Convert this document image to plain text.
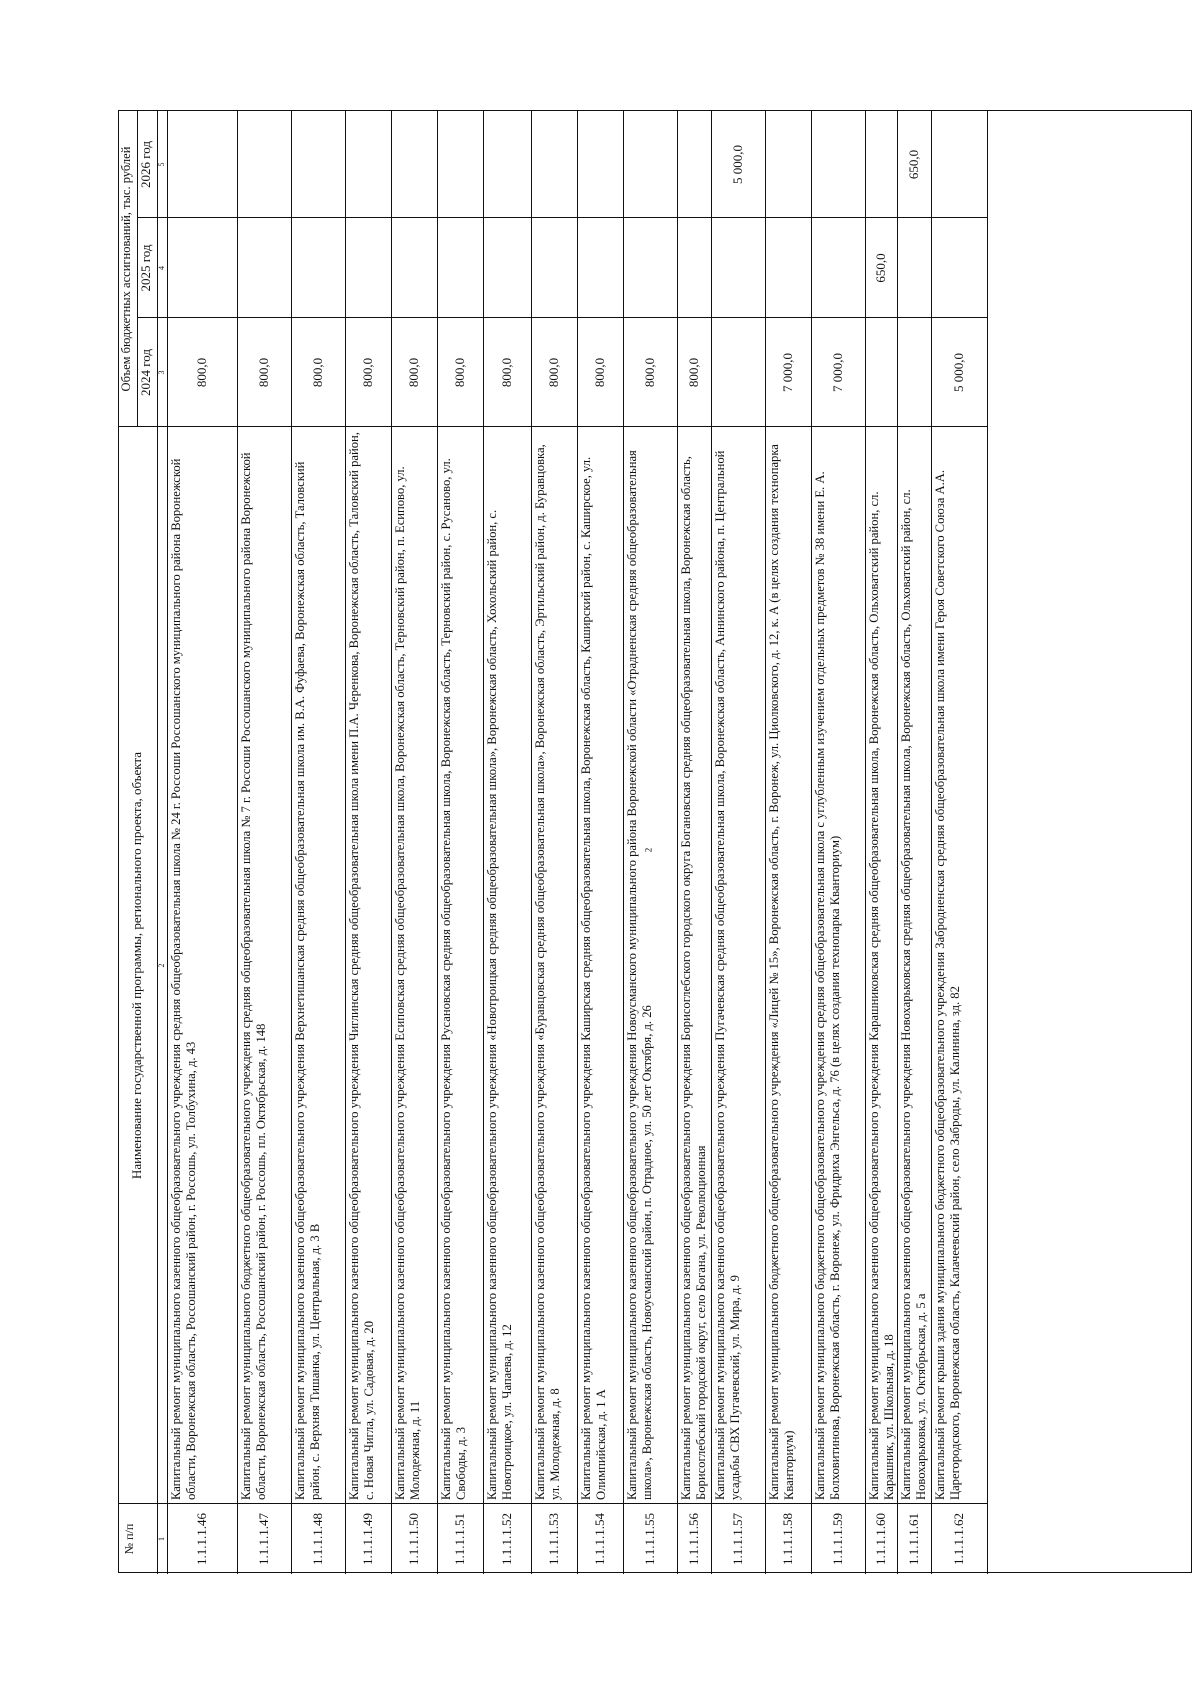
2
№ п/п
Наименование государственной программы, регионального проекта, объекта
Объем бюджетных ассигнований, тыс. рублей 2024 год
2025 год
2026 год
1
2
3
4
5
1.1.1.1.46
Капитальный ремонт муниципального казенного общеобразовательного учреждения средняя общеобразовательная школа № 24 г. Россоши Россошанского муниципального района Воронежской области, Воронежская область, Россошанский район, г. Россошь, ул. Толбухина, д. 43
800,0
1.1.1.1.47
Капитальный ремонт муниципального бюджетного общеобразовательного учреждения средняя общеобразовательная школа № 7 г. Россоши Россошанского муниципального района Воронежской области, Воронежская область, Россошанский район, г. Россошь, пл. Октябрьская, д. 148
800,0
1.1.1.1.48
Капитальный ремонт муниципального казенного общеобразовательного учреждения Верхнетишанская средняя общеобразовательная школа им. В.А. Фуфаева, Воронежская область, Таловский район, с. Верхняя Тишанка, ул. Центральная, д. 3 В
800,0
1.1.1.1.49
Капитальный ремонт муниципального казенного общеобразовательного учреждения Чиглинская средняя общеобразовательная школа имени П.А. Черенкова, Воронежская область, Таловский район, с. Новая Чигла, ул. Садовая, д. 20
800,0
1.1.1.1.50
Капитальный ремонт муниципального казенного общеобразовательного учреждения Есиповская средняя общеобразовательная школа, Воронежская область, Терновский район, п. Есипово, ул. Молодежная, д. 11
800,0
1.1.1.1.51
Капитальный ремонт муниципального казенного общеобразовательного учреждения Русановская средняя общеобразовательная школа, Воронежская область, Терновский район, с. Русаново, ул. Свободы, д. 3
800,0
1.1.1.1.52
Капитальный ремонт муниципального казенного общеобразовательного учреждения «Новотроицкая средняя общеобразовательная школа», Воронежская область, Хохольский район, с. Новотроицкое, ул. Чапаева, д. 12
800,0
1.1.1.1.53
Капитальный ремонт муниципального казенного общеобразовательного учреждения «Буравцовская средняя общеобразовательная школа», Воронежская область, Эртильский район, д. Буравцовка, ул. Молодежная, д. 8
800,0
1.1.1.1.54
Капитальный ремонт муниципального казенного общеобразовательного учреждения Каширская средняя общеобразовательная школа, Воронежская область, Каширский район, с. Каширское, ул. Олимпийская, д. 1 А
800,0
1.1.1.1.55
Капитальный ремонт муниципального казенного общеобразовательного учреждения Новоусманского муниципального района Воронежской области «Отрадненская средняя общеобразовательная школа», Воронежская область, Новоусманский район, п. Отрадное, ул. 50 лет Октября, д. 26
800,0
1.1.1.1.56
Капитальный ремонт муниципального казенного общеобразовательного учреждения Борисоглебского городского округа Богановская средняя общеобразовательная школа, Воронежская область, Борисоглебский городской округ, село Богана, ул. Революционная
800,0
1.1.1.1.57
Капитальный ремонт муниципального казенного общеобразовательного учреждения Пугачевская средняя общеобразовательная школа, Воронежская область, Аннинского района, п. Центральной усадьбы СВХ Пугачевский, ул. Мира, д. 9
5 000,0
1.1.1.1.58
Капитальный ремонт муниципального бюджетного общеобразовательного учреждения «Лицей № 15», Воронежская область, г. Воронеж, ул. Циолковского, д. 12, к. А (в целях создания технопарка Кванториум)
7 000,0
1.1.1.1.59
Капитальный ремонт муниципального бюджетного общеобразовательного учреждения средняя общеобразовательная школа с углубленным изучением отдельных предметов № 38 имени Е. А. Болховитинова, Воронежская область, г. Воронеж, ул. Фридриха Энгельса, д. 76 (в целях создания технопарка Кванториум)
7 000,0
1.1.1.1.60
Капитальный ремонт муниципального казенного общеобразовательного учреждения Карашниковская средняя общеобразовательная школа, Воронежская область, Ольховатский район, сл. Карашник, ул. Школьная, д. 18
650,0
1.1.1.1.61
Капитальный ремонт муниципального казенного общеобразовательного учреждения Новохарьковская средняя общеобразовательная школа, Воронежская область, Ольховатский район, сл. Новохарьковка, ул. Октябрьская, д. 5 а
650,0
1.1.1.1.62
Капитальный ремонт крыши здания муниципального бюджетного общеобразовательного учреждения Забродненская средняя общеобразовательная школа имени Героя Советского Союза А.А. Царегородского, Воронежская область, Калачеевский район, село Заброды, ул. Калинина, зд. 82
5 000,0
